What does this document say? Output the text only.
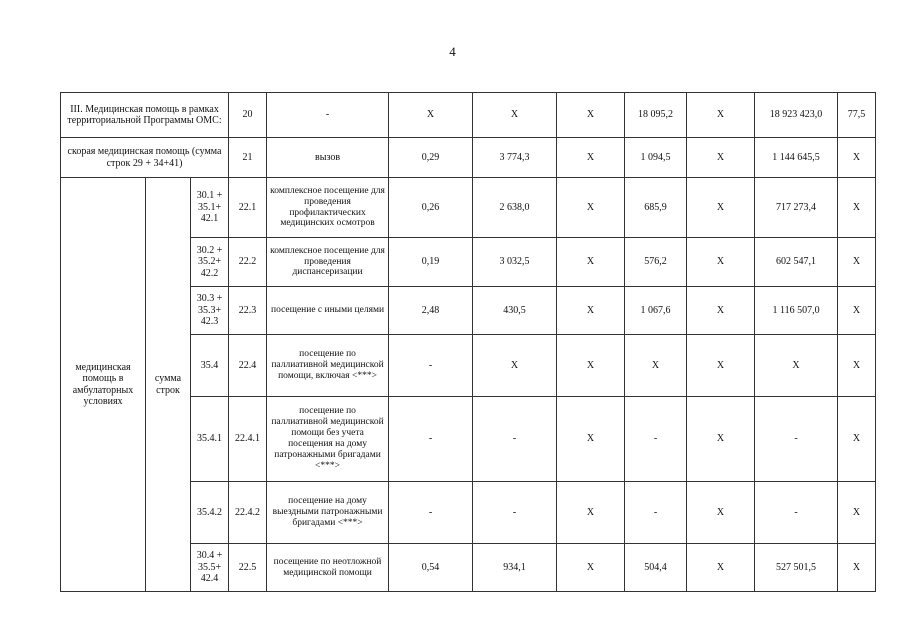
4
III. Медицинская помощь в рамках территориальной Программы ОМС:			20	-	X	X	X	18 095,2	X	18 923 423,0	77,5
скорая медицинская помощь (сумма строк 29 + 34+41)			21	вызов	0,29	3 774,3	X	1 094,5	X	1 144 645,5	X
медицинская помощь в амбулаторных условиях	сумма строк	30.1 + 35.1+ 42.1	22.1	комплексное посещение для проведения профилактических медицинских осмотров	0,26	2 638,0	X	685,9	X	717 273,4	X
		30.2 + 35.2+ 42.2	22.2	комплексное посещение для проведения диспансеризации	0,19	3 032,5	X	576,2	X	602 547,1	X
		30.3 + 35.3+ 42.3	22.3	посещение с иными целями	2,48	430,5	X	1 067,6	X	1 116 507,0	X
		35.4	22.4	посещение по паллиативной медицинской помощи, включая <***>	-	X	X	X	X	X	X
		35.4.1	22.4.1	посещение по паллиативной медицинской помощи без учета посещения на дому патронажными бригадами <***>	-	-	X	-	X	-	X
		35.4.2	22.4.2	посещение на дому выездными патронажными бригадами <***>	-	-	X	-	X	-	X
		30.4 + 35.5+ 42.4	22.5	посещение по неотложной медицинской помощи	0,54	934,1	X	504,4	X	527 501,5	X
